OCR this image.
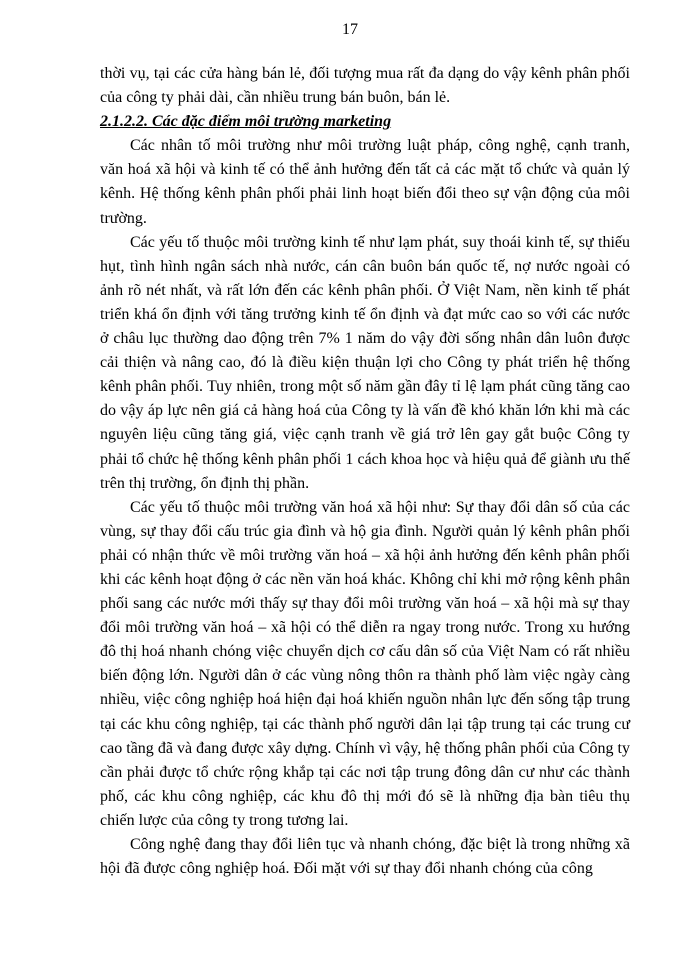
17

thời vụ, tại các cửa hàng bán lẻ, đối tượng mua rất đa dạng do vậy kênh phân phối của công ty phải dài, cần nhiều trung bán buôn, bán lẻ.

2.1.2.2. Các đặc điểm môi trường marketing

Các nhân tố môi trường như môi trường luật pháp, công nghệ, cạnh tranh, văn hoá xã hội và kinh tế có thể ảnh hưởng đến tất cả các mặt tổ chức và quản lý kênh. Hệ thống kênh phân phối phải linh hoạt biến đổi theo sự vận động của môi trường.

Các yếu tố thuộc môi trường kinh tế như lạm phát, suy thoái kinh tế, sự thiếu hụt, tình hình ngân sách nhà nước, cán cân buôn bán quốc tế, nợ nước ngoài có ảnh rõ nét nhất, và rất lớn đến các kênh phân phối. Ở Việt Nam, nền kinh tế phát triển khá ổn định với tăng trưởng kinh tế ổn định và đạt mức cao so với các nước ở châu lục thường dao động trên 7% 1 năm do vậy đời sống nhân dân luôn được cải thiện và nâng cao, đó là điều kiện thuận lợi cho Công ty phát triển hệ thống kênh phân phối. Tuy nhiên, trong một số năm gần đây tỉ lệ lạm phát cũng tăng cao do vậy áp lực nên giá cả hàng hoá của Công ty là vấn đề khó khăn lớn khi mà các nguyên liệu cũng tăng giá, việc cạnh tranh về giá trở lên gay gắt buộc Công ty phải tổ chức hệ thống kênh phân phối 1 cách khoa học và hiệu quả để giành ưu thế trên thị trường, ổn định thị phần.

Các yếu tố thuộc môi trường văn hoá xã hội như: Sự thay đổi dân số của các vùng, sự thay đổi cấu trúc gia đình và hộ gia đình. Người quản lý kênh phân phối phải có nhận thức về môi trường văn hoá – xã hội ảnh hưởng đến kênh phân phối khi các kênh hoạt động ở các nền văn hoá khác. Không chỉ khi mở rộng kênh phân phối sang các nước mới thấy sự thay đổi môi trường văn hoá – xã hội mà sự thay đổi môi trường văn hoá – xã hội có thể diễn ra ngay trong nước. Trong xu hướng đô thị hoá nhanh chóng việc chuyển dịch cơ cấu dân số của Việt Nam có rất nhiều biến động lớn. Người dân ở các vùng nông thôn ra thành phố làm việc ngày càng nhiều, việc công nghiệp hoá hiện đại hoá khiến nguồn nhân lực đến sống tập trung tại các khu công nghiệp, tại các thành phố người dân lại tập trung tại các trung cư cao tầng đã và đang được xây dựng. Chính vì vậy, hệ thống phân phối của Công ty cần phải được tổ chức rộng khắp tại các nơi tập trung đông dân cư như các thành phố, các khu công nghiệp, các khu đô thị mới đó sẽ là những địa bàn tiêu thụ chiến lược của công ty trong tương lai.

Công nghệ đang thay đổi liên tục và nhanh chóng, đặc biệt là trong những xã hội đã được công nghiệp hoá. Đối mặt với sự thay đổi nhanh chóng của công
